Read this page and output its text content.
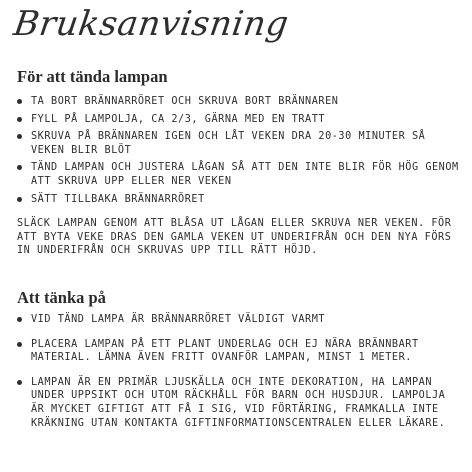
Bruksanvisning
För att tända lampan
TA BORT BRÄNNARRÖRET OCH SKRUVA BORT BRÄNNAREN
FYLL PÅ LAMPOLJA, CA 2/3, GÄRNA MED EN TRATT
SKRUVA PÅ BRÄNNAREN IGEN OCH LÅT VEKEN DRA 20-30 MINUTER SÅ VEKEN BLIR BLÖT
TÄND LAMPAN OCH JUSTERA LÅGAN SÅ ATT DEN INTE BLIR FÖR HÖG GENOM ATT SKRUVA UPP ELLER NER VEKEN
SÄTT TILLBAKA BRÄNNARRÖRET

SLÄCK LAMPAN GENOM ATT BLÅSA UT LÅGAN ELLER SKRUVA NER VEKEN. FÖR ATT BYTA VEKE DRAS DEN GAMLA VEKEN UT UNDERIFRÅN OCH DEN NYA FÖRS IN UNDERIFRÅN OCH SKRUVAS UPP TILL RÄTT HÖJD.

Att tänka på
VID TÄND LAMPA ÄR BRÄNNARRÖRET VÄLDIGT VARMT
PLACERA LAMPAN PÅ ETT PLANT UNDERLAG OCH EJ NÄRA BRÄNNBART MATERIAL. LÄMNA ÄVEN FRITT OVANFÖR LAMPAN, MINST 1 METER.
LAMPAN ÄR EN PRIMÄR LJUSKÄLLA OCH INTE DEKORATION, HA LAMPAN UNDER UPPSIKT OCH UTOM RÄCKHÅLL FÖR BARN OCH HUSDJUR. LAMPOLJA ÄR MYCKET GIFTIGT ATT FÅ I SIG, VID FÖRTÄRING, FRAMKALLA INTE KRÄKNING UTAN KONTAKTA GIFTINFORMATIONSCENTRALEN ELLER LÄKARE.
